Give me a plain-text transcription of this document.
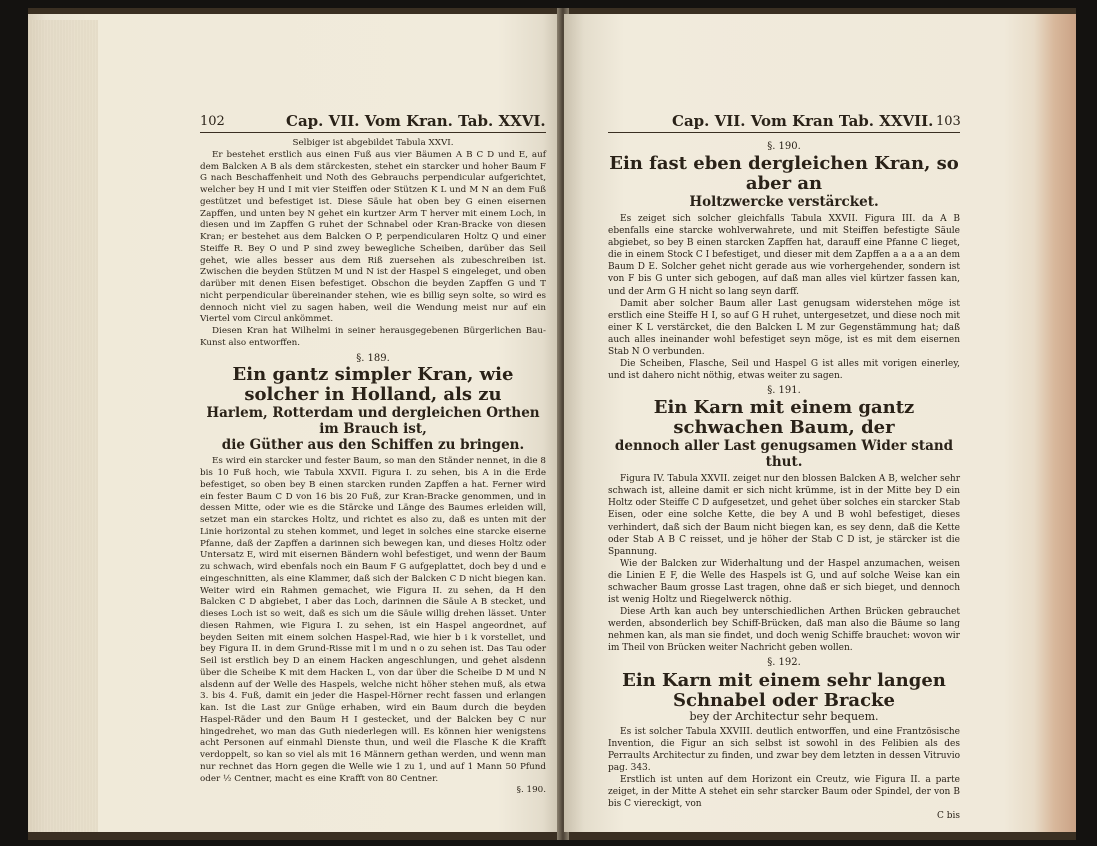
102	Cap. VII. Vom Kran. Tab. XXVI.

Selbiger ist abgebildet Tabula XXVI.

Er bestehet erstlich aus einen Fuß aus vier Bäumen A B C D und E, auf dem Balcken A B als dem stärckesten, stehet ein starcker und hoher Baum F G nach Beschaffenheit und Noth des Gebrauchs perpendicular aufgerichtet, welcher bey H und I mit vier Steiffen oder Stützen K L und M N an dem Fuß gestützet und befestiget ist. Diese Säule hat oben bey G einen eisernen Zapffen, und unten bey N gehet ein kurtzer Arm T herver mit einem Loch, in diesen und im Zapffen G ruhet der Schnabel oder Kran-Bracke von diesen Kran; er bestehet aus dem Balcken O P, perpendicularen Holtz Q und einer Steiffe R. Bey O und P sind zwey bewegliche Scheiben, darüber das Seil gehet, wie alles besser aus dem Riß zuersehen als zubeschreiben ist. Zwischen die beyden Stützen M und N ist der Haspel S eingeleget, und oben darüber mit denen Eisen befestiget. Obschon die beyden Zapffen G und T nicht perpendicular übereinander stehen, wie es billig seyn solte, so wird es dennoch nicht viel zu sagen haben, weil die Wendung meist nur auf ein Viertel vom Circul ankömmet.

Diesen Kran hat Wilhelmi in seiner herausgegebenen Bürgerlichen Bau-Kunst also entworffen.

§. 189.
Ein gantz simpler Kran, wie solcher in Holland, als zu
Harlem, Rotterdam und dergleichen Orthen im Brauch ist,
die Güther aus den Schiffen zu bringen.

Es wird ein starcker und fester Baum, so man den Ständer nennet, in die 8 bis 10 Fuß hoch, wie Tabula XXVII. Figura I. zu sehen, bis A in die Erde befestiget, so oben bey B einen starcken runden Zapffen a hat. Ferner wird ein fester Baum C D von 16 bis 20 Fuß, zur Kran-Bracke genommen, und in dessen Mitte, oder wie es die Stärcke und Länge des Baumes erleiden will, setzet man ein starckes Holtz, und richtet es also zu, daß es unten mit der Linie horizontal zu stehen kommet, und leget in solches eine starcke eiserne Pfanne, daß der Zapffen a darinnen sich bewegen kan, und dieses Holtz oder Untersatz E, wird mit eisernen Bändern wohl befestiget, und wenn der Baum zu schwach, wird ebenfals noch ein Baum F G aufgeplattet, doch bey d und e eingeschnitten, als eine Klammer, daß sich der Balcken C D nicht biegen kan. Weiter wird ein Rahmen gemachet, wie Figura II. zu sehen, da H den Balcken C D abgiebet, I aber das Loch, darinnen die Säule A B stecket, und dieses Loch ist so weit, daß es sich um die Säule willig drehen lässet. Unter diesen Rahmen, wie Figura I. zu sehen, ist ein Haspel angeordnet, auf beyden Seiten mit einem solchen Haspel-Rad, wie hier b i k vorstellet, und bey Figura II. in dem Grund-Risse mit l m und n o zu sehen ist. Das Tau oder Seil ist erstlich bey D an einem Hacken angeschlungen, und gehet alsdenn über die Scheibe K mit dem Hacken L, von dar über die Scheibe D M und N alsdenn auf der Welle des Haspels, welche nicht höher stehen muß, als etwa 3. bis 4. Fuß, damit ein jeder die Haspel-Hörner recht fassen und erlangen kan. Ist die Last zur Gnüge erhaben, wird ein Baum durch die beyden Haspel-Räder und den Baum H I gestecket, und der Balcken bey C nur hingedrehet, wo man das Guth niederlegen will. Es können hier wenigstens acht Personen auf einmahl Dienste thun, und weil die Flasche K die Krafft verdoppelt, so kan so viel als mit 16 Männern gethan werden, und wenn man nur rechnet das Horn gegen die Welle wie 1 zu 1, und auf 1 Mann 50 Pfund oder ½ Centner, macht es eine Krafft von 80 Centner.

§. 190.

Cap. VII. Vom Kran Tab. XXVII. 103
§. 190.
Ein fast eben dergleichen Kran, so aber an
Holtzwercke verstärcket.

Es zeiget sich solcher gleichfalls Tabula XXVII. Figura III. da A B ebenfalls eine starcke wohlverwahrete, und mit Steiffen befestigte Säule abgiebet, so bey B einen starcken Zapffen hat, darauff eine Pfanne C lieget, die in einem Stock C I befestiget, und dieser mit dem Zapffen a a a a an dem Baum D E. Solcher gehet nicht gerade aus wie vorhergehender, sondern ist von F bis G unter sich gebogen, auf daß man alles viel kürtzer fassen kan, und der Arm G H nicht so lang seyn darff.

Damit aber solcher Baum aller Last genugsam widerstehen möge ist erstlich eine Steiffe H I, so auf G H ruhet, untergesetzet, und diese noch mit einer K L verstärcket, die den Balcken L M zur Gegenstämmung hat; daß auch alles ineinander wohl befestiget seyn möge, ist es mit dem eisernen Stab N O verbunden.

Die Scheiben, Flasche, Seil und Haspel G ist alles mit vorigen einerley, und ist dahero nicht nöthig, etwas weiter zu sagen.

§. 191.
Ein Karn mit einem gantz schwachen Baum, der
dennoch aller Last genugsamen Wider stand thut.

Figura IV. Tabula XXVII. zeiget nur den blossen Balcken A B, welcher sehr schwach ist, alleine damit er sich nicht krümme, ist in der Mitte bey D ein Holtz oder Steiffe C D aufgesetzet, und gehet über solches ein starcker Stab Eisen, oder eine solche Kette, die bey A und B wohl befestiget, dieses verhindert, daß sich der Baum nicht biegen kan, es sey denn, daß die Kette oder Stab A B C reisset, und je höher der Stab C D ist, je stärcker ist die Spannung.

Wie der Balcken zur Widerhaltung und der Haspel anzumachen, weisen die Linien E F, die Welle des Haspels ist G, und auf solche Weise kan ein schwacher Baum grosse Last tragen, ohne daß er sich bieget, und dennoch ist wenig Holtz und Riegelwerck nöthig.

Diese Arth kan auch bey unterschiedlichen Arthen Brücken gebrauchet werden, absonderlich bey Schiff-Brücken, daß man also die Bäume so lang nehmen kan, als man sie findet, und doch wenig Schiffe brauchet: wovon wir im Theil von Brücken weiter Nachricht geben wollen.

§. 192.
Ein Karn mit einem sehr langen Schnabel oder Bracke
bey der Architectur sehr bequem.

Es ist solcher Tabula XXVIII. deutlich entworffen, und eine Frantzösische Invention, die Figur an sich selbst ist sowohl in des Felibien als des Perraults Architectur zu finden, und zwar bey dem letzten in dessen Vitruvio pag. 343.

Erstlich ist unten auf dem Horizont ein Creutz, wie Figura II. a parte zeiget, in der Mitte A stehet ein sehr starcker Baum oder Spindel, der von B bis C viereckigt, von

C bis
